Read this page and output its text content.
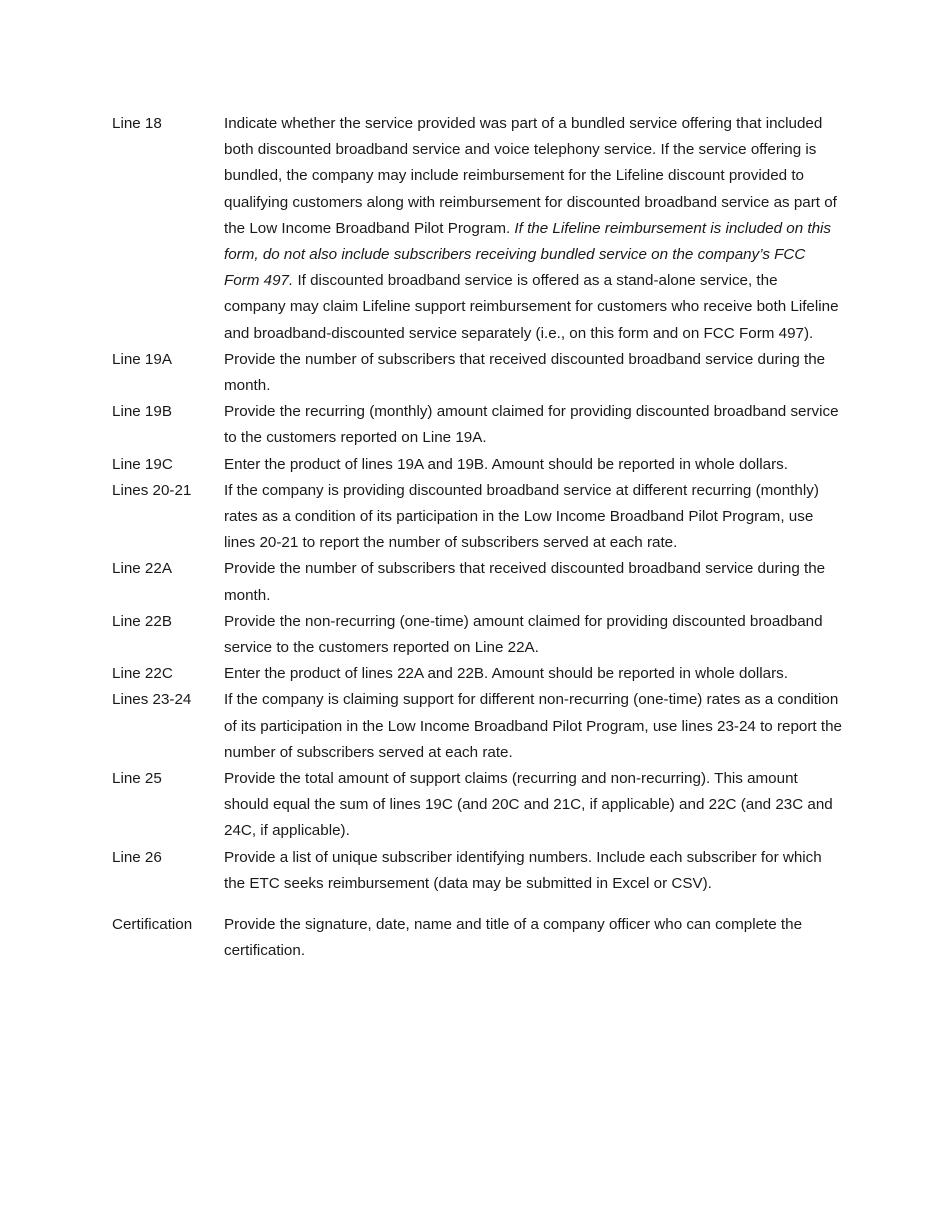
Line 18	Indicate whether the service provided was part of a bundled service offering that included both discounted broadband service and voice telephony service. If the service offering is bundled, the company may include reimbursement for the Lifeline discount provided to qualifying customers along with reimbursement for discounted broadband service as part of the Low Income Broadband Pilot Program. If the Lifeline reimbursement is included on this form, do not also include subscribers receiving bundled service on the company’s FCC Form 497. If discounted broadband service is offered as a stand-alone service, the company may claim Lifeline support reimbursement for customers who receive both Lifeline and broadband-discounted service separately (i.e., on this form and on FCC Form 497).
Line 19A	Provide the number of subscribers that received discounted broadband service during the month.
Line 19B	Provide the recurring (monthly) amount claimed for providing discounted broadband service to the customers reported on Line 19A.
Line 19C	Enter the product of lines 19A and 19B. Amount should be reported in whole dollars.
Lines 20-21	If the company is providing discounted broadband service at different recurring (monthly) rates as a condition of its participation in the Low Income Broadband Pilot Program, use lines 20-21 to report the number of subscribers served at each rate.
Line 22A	Provide the number of subscribers that received discounted broadband service during the month.
Line 22B	Provide the non-recurring (one-time) amount claimed for providing discounted broadband service to the customers reported on Line 22A.
Line 22C	Enter the product of lines 22A and 22B. Amount should be reported in whole dollars.
Lines 23-24	If the company is claiming support for different non-recurring (one-time) rates as a condition of its participation in the Low Income Broadband Pilot Program, use lines 23-24 to report the number of subscribers served at each rate.
Line 25	Provide the total amount of support claims (recurring and non-recurring). This amount should equal the sum of lines 19C (and 20C and 21C, if applicable) and 22C (and 23C and 24C, if applicable).
Line 26	Provide a list of unique subscriber identifying numbers. Include each subscriber for which the ETC seeks reimbursement (data may be submitted in Excel or CSV).
Certification	Provide the signature, date, name and title of a company officer who can complete the certification.
